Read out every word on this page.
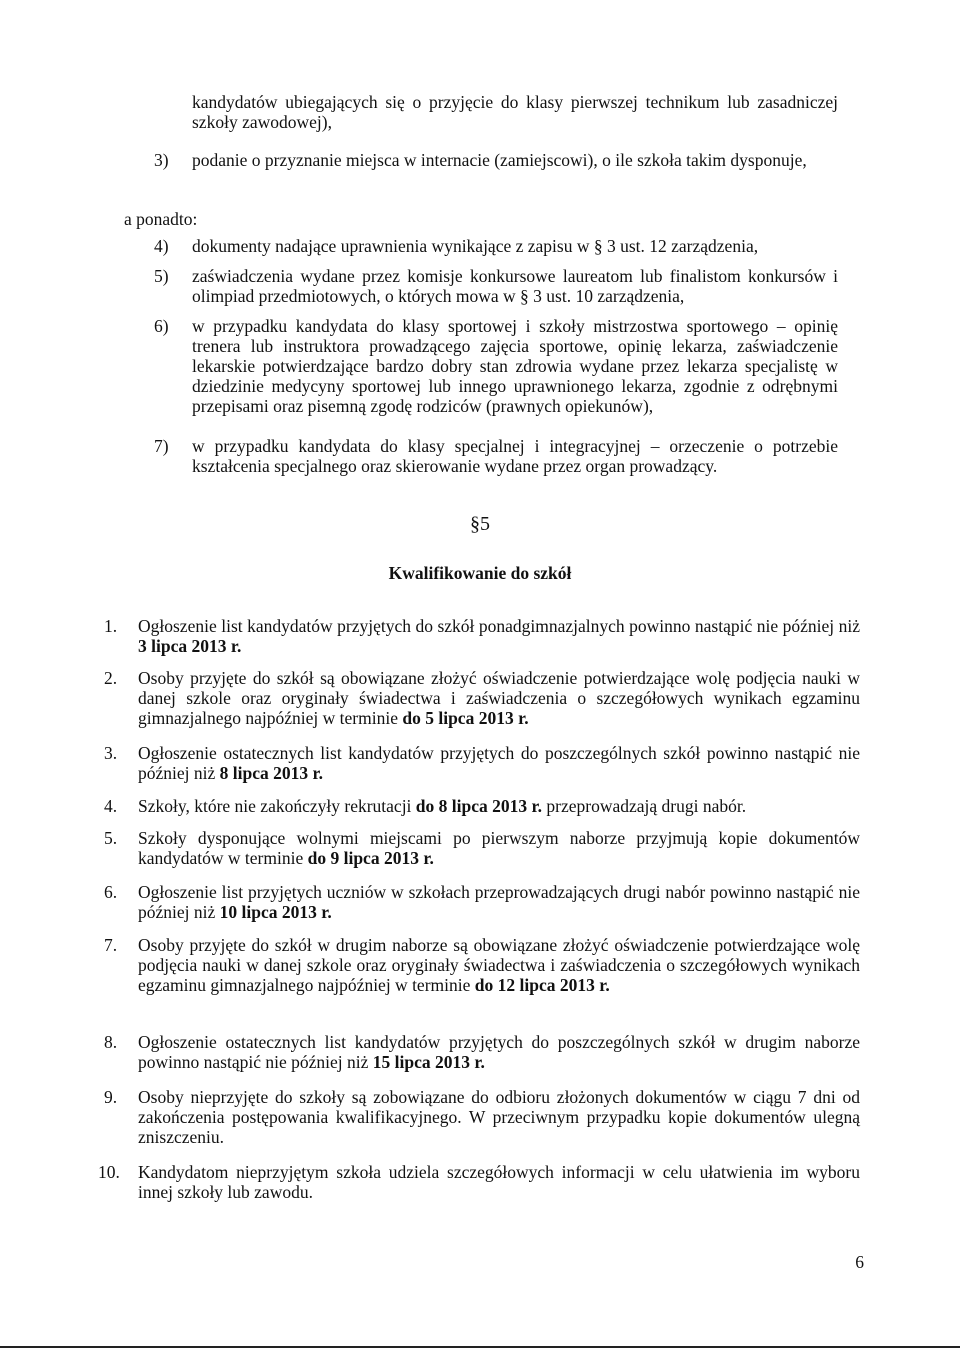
kandydatów ubiegających się o przyjęcie do klasy pierwszej technikum lub zasadniczej szkoły zawodowej),
3) podanie o przyznanie miejsca w internacie (zamiejscowi), o ile szkoła takim dysponuje,
a ponadto:
4) dokumenty nadające uprawnienia wynikające z zapisu w § 3 ust. 12 zarządzenia,
5) zaświadczenia wydane przez komisje konkursowe laureatom lub finalistom konkursów i olimpiad przedmiotowych, o których mowa w § 3 ust. 10 zarządzenia,
6) w przypadku kandydata do klasy sportowej i szkoły mistrzostwa sportowego – opinię trenera lub instruktora prowadzącego zajęcia sportowe, opinię lekarza, zaświadczenie lekarskie potwierdzające bardzo dobry stan zdrowia wydane przez lekarza specjalistę w dziedzinie medycyny sportowej lub innego uprawnionego lekarza, zgodnie z odrębnymi przepisami oraz pisemną zgodę rodziców (prawnych opiekunów),
7) w przypadku kandydata do klasy specjalnej i integracyjnej – orzeczenie o potrzebie kształcenia specjalnego oraz skierowanie wydane przez organ prowadzący.
§5
Kwalifikowanie do szkół
1. Ogłoszenie list kandydatów przyjętych do szkół ponadgimnazjalnych powinno nastąpić nie później niż 3 lipca 2013 r.
2. Osoby przyjęte do szkół są obowiązane złożyć oświadczenie potwierdzające wolę podjęcia nauki w danej szkole oraz oryginały świadectwa i zaświadczenia o szczegółowych wynikach egzaminu gimnazjalnego najpóźniej w terminie do 5 lipca 2013 r.
3. Ogłoszenie ostatecznych list kandydatów przyjętych do poszczególnych szkół powinno nastąpić nie później niż 8 lipca 2013 r.
4. Szkoły, które nie zakończyły rekrutacji do 8 lipca 2013 r. przeprowadzają drugi nabór.
5. Szkoły dysponujące wolnymi miejscami po pierwszym naborze przyjmują kopie dokumentów kandydatów w terminie do 9 lipca 2013 r.
6. Ogłoszenie list przyjętych uczniów w szkołach przeprowadzających drugi nabór powinno nastąpić nie później niż 10 lipca 2013 r.
7. Osoby przyjęte do szkół w drugim naborze są obowiązane złożyć oświadczenie potwierdzające wolę podjęcia nauki w danej szkole oraz oryginały świadectwa i zaświadczenia o szczegółowych wynikach egzaminu gimnazjalnego najpóźniej w terminie do 12 lipca 2013 r.
8. Ogłoszenie ostatecznych list kandydatów przyjętych do poszczególnych szkół w drugim naborze powinno nastąpić nie później niż 15 lipca 2013 r.
9. Osoby nieprzyjęte do szkoły są zobowiązane do odbioru złożonych dokumentów w ciągu 7 dni od zakończenia postępowania kwalifikacyjnego. W przeciwnym przypadku kopie dokumentów ulegną zniszczeniu.
10. Kandydatom nieprzyjętym szkoła udziela szczegółowych informacji w celu ułatwienia im wyboru innej szkoły lub zawodu.
6
